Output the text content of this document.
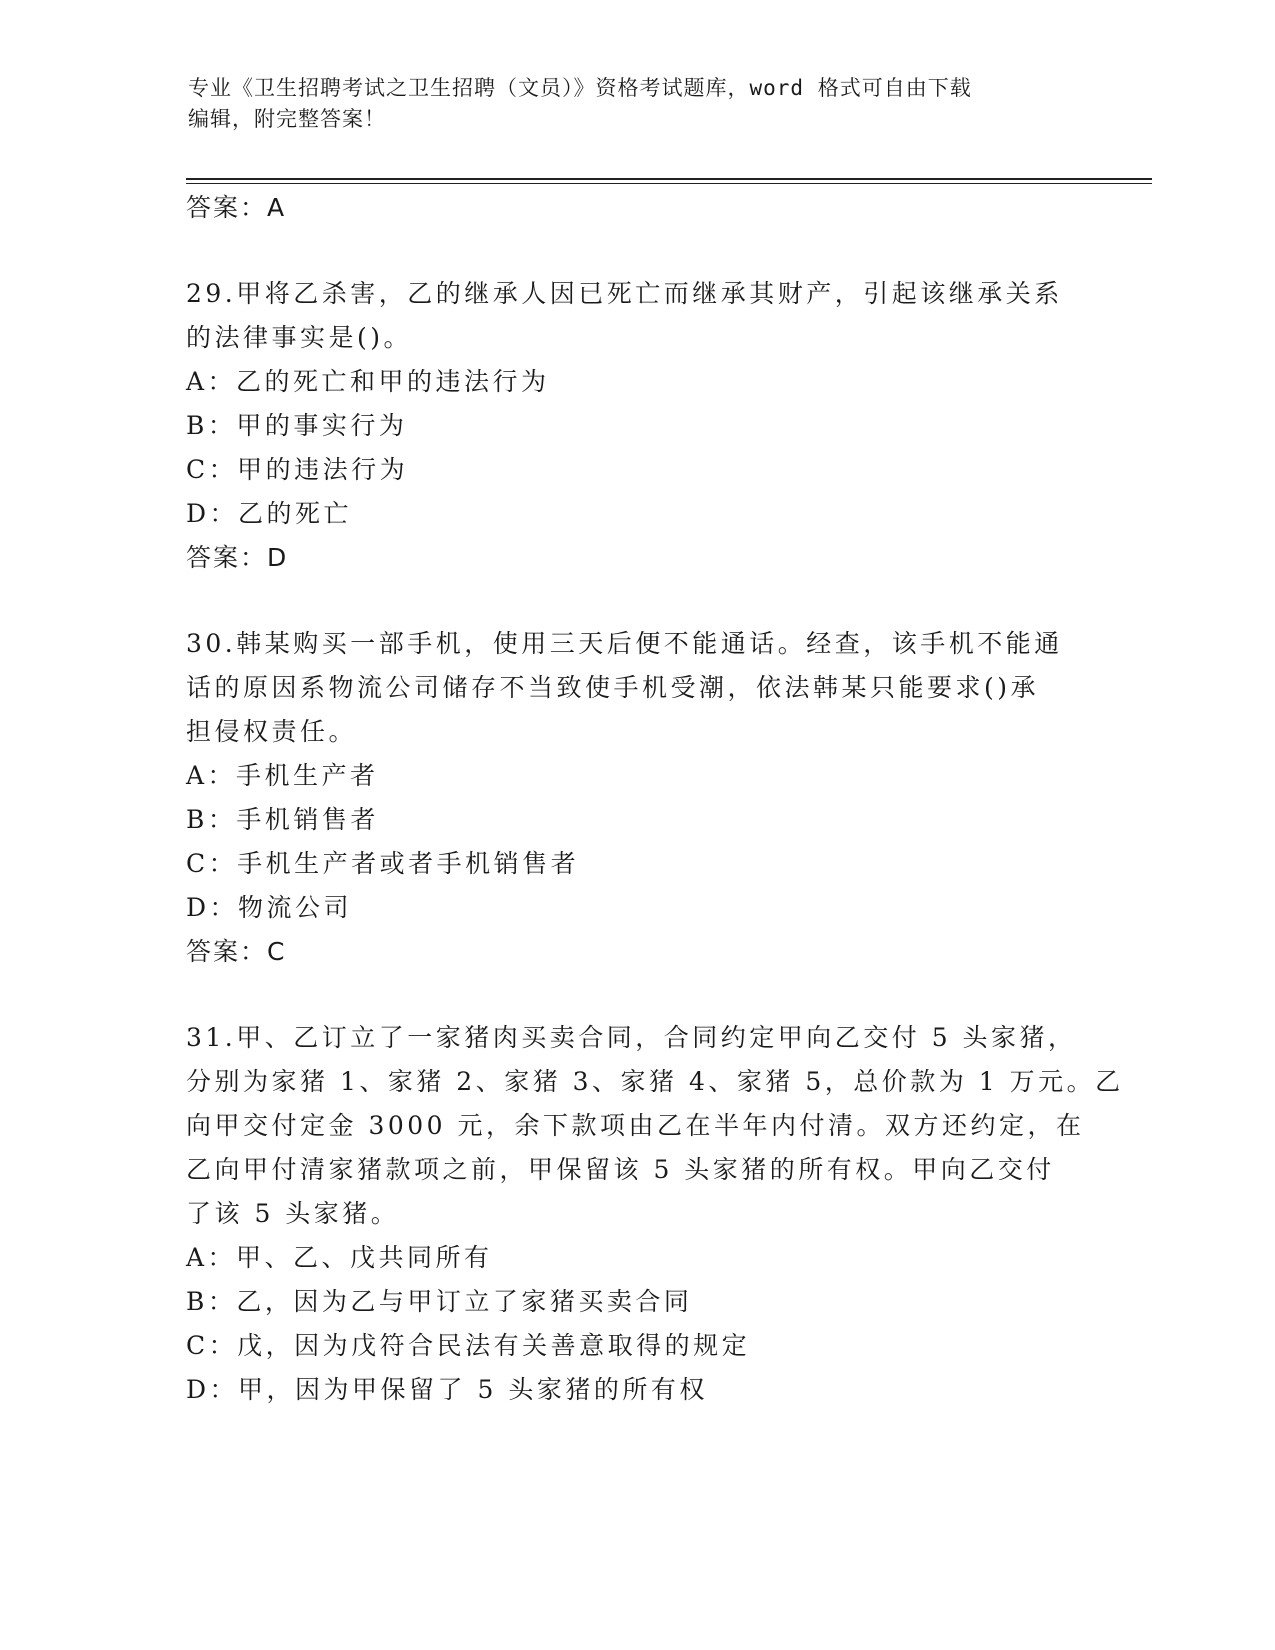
专业《卫生招聘考试之卫生招聘（文员）》资格考试题库，word 格式可自由下载
编辑，附完整答案！
答案：A
29.甲将乙杀害，乙的继承人因已死亡而继承其财产，引起该继承关系
的法律事实是()。
A：乙的死亡和甲的违法行为
B：甲的事实行为
C：甲的违法行为
D：乙的死亡
答案：D
30.韩某购买一部手机，使用三天后便不能通话。经查，该手机不能通
话的原因系物流公司储存不当致使手机受潮，依法韩某只能要求()承
担侵权责任。
A：手机生产者
B：手机销售者
C：手机生产者或者手机销售者
D：物流公司
答案：C
31.甲、乙订立了一家猪肉买卖合同，合同约定甲向乙交付 5 头家猪，
分别为家猪 1、家猪 2、家猪 3、家猪 4、家猪 5，总价款为 1 万元。乙
向甲交付定金 3000 元，余下款项由乙在半年内付清。双方还约定，在
乙向甲付清家猪款项之前，甲保留该 5 头家猪的所有权。甲向乙交付
了该 5 头家猪。
A：甲、乙、戊共同所有
B：乙，因为乙与甲订立了家猪买卖合同
C：戊，因为戊符合民法有关善意取得的规定
D：甲，因为甲保留了 5 头家猪的所有权
